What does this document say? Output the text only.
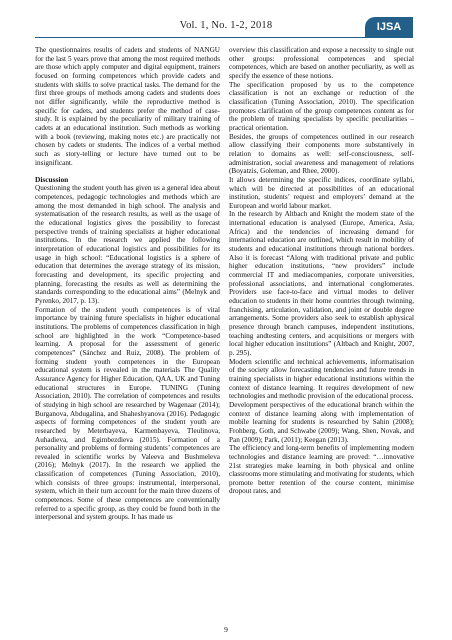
Vol. 1, No. 1-2, 2018	IJSA

The questionnaires results of cadets and students of NANGU for the last 5 years prove that among the most required methods are those which apply computer and digital equipment, trainers focused on forming competences which provide cadets and students with skills to solve practical tasks. The demand for the first three groups of methods among cadets and students does not differ significantly, while the reproductive method is specific for cadets, and students prefer the method of case-study. It is explained by the peculiarity of military training of cadets at an educational institution. Such methods as working with a book (reviewing, making notes etc.) are practically not chosen by cadets or students. The indices of a verbal method such as story-telling or lecture have turned out to be insignificant.

Discussion

Questioning the student youth has given us a general idea about competences, pedagogic technologies and methods which are among the most demanded in high school. The analysis and systematisation of the research results, as well as the usage of the educational logistics gives the possibility to forecast perspective trends of training specialists at higher educational institutions. In the research we applied the following interpretation of educational logistics and possibilities for its usage in high school: “Educational logistics is a sphere of education that determines the average strategy of its mission, forecasting and development, its specific projecting and planning, forecasting the results as well as determining the standards corresponding to the educational aims” (Melnyk and Pyrenko, 2017, p. 13).

Formation of the student youth competences is of vital importance by training future specialists in higher educational institutions. The problems of competences classification in high school are highlighted in the work “Competence-based learning. A proposal for the assessment of generic competences” (Sánchez and Ruiz, 2008). The problem of forming student youth competences in the European educational system is revealed in the materials The Quality Assurance Agency for Higher Education, QAA, UK and Tuning educational structures in Europe. TUNING (Tuning Association, 2010). The correlation of competences and results of studying in high school are researched by Wagenaar (2014); Burganova, Abdugalina, and Shaheshyanova (2016). Pedagogic aspects of forming competences of the student youth are researched by Meterbayeva, Karmenbayeva, Tleulinova, Auhadieva, and Egimbezdieva (2015). Formation of a personality and problems of forming students’ competences are revealed in scientific works by Valeeva and Bushmeleva (2016); Melnyk (2017). In the research we applied the classification of competences (Tuning Association, 2010), which consists of three groups: instrumental, interpersonal, system, which in their turn account for the main three dozens of competences. Some of these competences are conventionally referred to a specific group, as they could be found both in the interpersonal and system groups. It has made us

overview this classification and expose a necessity to single out other groups: professional competences and special competences, which are based on another peculiarity, as well as specify the essence of these notions.

The specification proposed by us to the competence classification is not an exchange or reduction of the classification (Tuning Association, 2010). The specification promotes clarification of the group competences content as for the problem of training specialists by specific peculiarities – practical orientation.

Besides, the groups of competences outlined in our research allow classifying their components more substantively in relation to domains as well: self-consciousness, self-administration, social awareness and management of relations (Boyatzis, Goleman, and Rhee, 2000).

It allows determining the specific indices, coordinate syllabi, which will be directed at possibilities of an educational institution, students’ request and employers’ demand at the European and world labour market.

In the research by Altbach and Knight the modern state of the international education is analysed (Europe, America, Asia, Africa) and the tendencies of increasing demand for international education are outlined, which result in mobility of students and educational institutions through national borders. Also it is forecast “Along with traditional private and public higher education institutions, “new providers” include commercial IT and mediacompanies, corporate universities, professional associations, and international conglomerates. Providers use face-to-face and virtual modes to deliver education to students in their home countries through twinning, franchising, articulation, validation, and joint or double degree arrangements. Some providers also seek to establish aphysical presence through branch campuses, independent institutions, teaching andtesting centers, and acquisitions or mergers with local higher education institutions” (Altbach and Knight, 2007, p. 295).

Modern scientific and technical achievements, informatisation of the society allow forecasting tendencies and future trends in training specialists in higher educational institutions within the context of distance learning. It requires development of new technologies and methodic provision of the educational process.

Development perspectives of the educational branch within the context of distance learning along with implementation of mobile learning for students is researched by Sahin (2008); Frohberg, Goth, and Schwabe (2009); Wang, Shen, Novak, and Pan (2009); Park, (2011); Keegan (2013).

The efficiency and long-term benefits of implementing modern technologies and distance learning are proved: “…innovative 21st strategies make learning in both physical and online classrooms more stimulating and motivating for students, which promote better retention of the course content, minimise dropout rates, and

9
